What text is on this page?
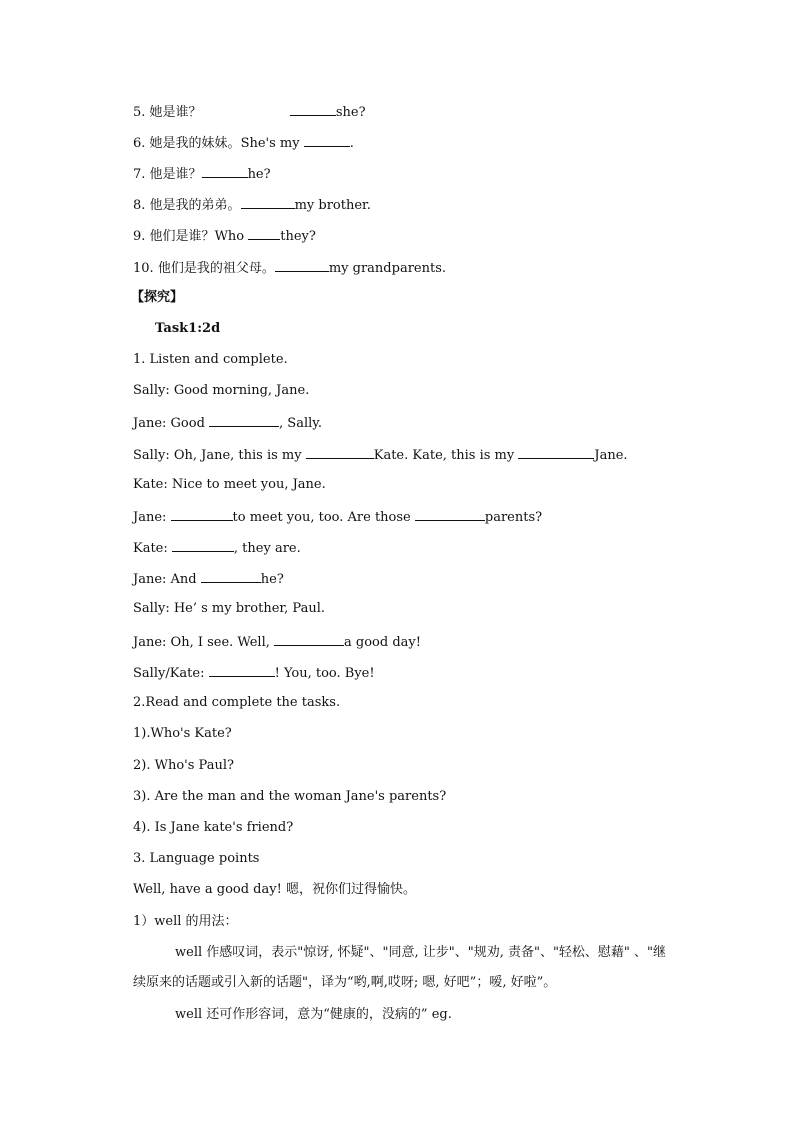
5. 她是谁？	she?
6. 她是我的妹妹。She's my	.
7. 他是谁？	he?
8. 他是我的弟弟。	my brother.
9. 他们是谁？Who they?
10. 他们是我的祖父母。	my grandparents.
【探究】
Task1:2d
1. Listen and complete.
Sally: Good morning, Jane.
Jane: Good	, Sally.
Sally: Oh, Jane, this is my	Kate. Kate, this is my	Jane.
Kate: Nice to meet you, Jane.
Jane:	to meet you, too. Are those	parents?
Kate:	, they are.
Jane: And	he?
Sally: He’ s my brother, Paul.
Jane: Oh, I see. Well,	a good day!
Sally/Kate:	! You, too. Bye!
2.Read and complete the tasks.
1).Who's Kate?
2). Who's Paul?
3). Are the man and the woman Jane's parents?
4). Is Jane kate's friend?
3. Language points
Well, have a good day! 嗯，祝你们过得愉快。
1）well 的用法：
well 作感叹词，表示"惊讶, 怀疑"、"同意, 让步"、"规劝, 责备"、"轻松、慰藉" 、"继续原来的话题或引入新的话题"，译为“哟,啊,哎呀; 嗯, 好吧”；嗳, 好啦”。
well 还可作形容词，意为“健康的，没病的” eg.
